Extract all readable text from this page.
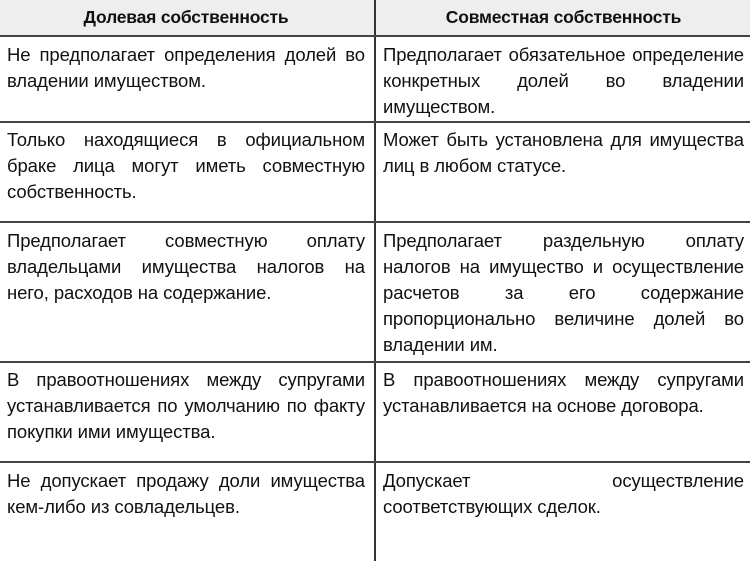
Долевая собственность	Совместная собственность
Не предполагает определения долей во владении имуществом.
Предполагает обязательное определение конкретных долей во владении имуществом.
Только находящиеся в официальном браке лица могут иметь совместную собственность.
Может быть установлена для имущества лиц в любом статусе.
Предполагает совместную оплату владельцами имущества налогов на него, расходов на содержание.
Предполагает раздельную оплату налогов на имущество и осуществление расчетов за его содержание пропорционально величине долей во владении им.
В правоотношениях между супругами устанавливается по умолчанию по факту покупки ими имущества.
В правоотношениях между супругами устанавливается на основе договора.
Не допускает продажу доли имущества кем-либо из совладельцев.
Допускает осуществление соответствующих сделок.
